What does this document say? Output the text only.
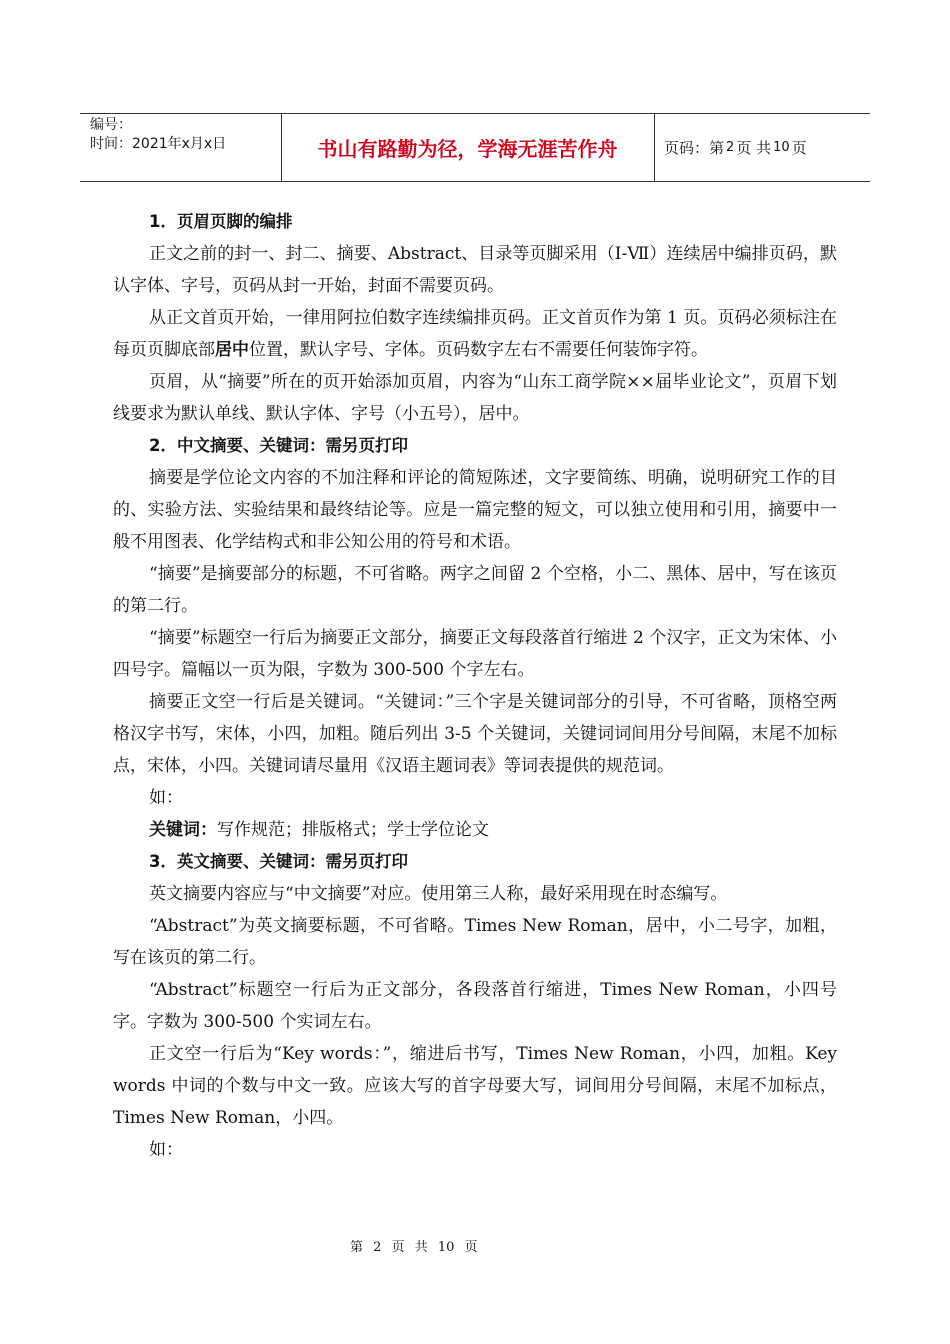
编号：
时间：2021年x月x日	书山有路勤为径，学海无涯苦作舟	页码：第 2 页 共 10 页

1．页眉页脚的编排

正文之前的封一、封二、摘要、Abstract、目录等页脚采用（Ⅰ-Ⅶ）连续居中编排页码，默认字体、字号，页码从封一开始，封面不需要页码。

从正文首页开始，一律用阿拉伯数字连续编排页码。正文首页作为第 1 页。页码必须标注在每页页脚底部居中位置，默认字号、字体。页码数字左右不需要任何装饰字符。

页眉，从“摘要”所在的页开始添加页眉，内容为“山东工商学院××届毕业论文”，页眉下划线要求为默认单线、默认字体、字号（小五号），居中。

2．中文摘要、关键词：需另页打印

摘要是学位论文内容的不加注释和评论的简短陈述，文字要简练、明确，说明研究工作的目的、实验方法、实验结果和最终结论等。应是一篇完整的短文，可以独立使用和引用，摘要中一般不用图表、化学结构式和非公知公用的符号和术语。

“摘要”是摘要部分的标题，不可省略。两字之间留 2 个空格，小二、黑体、居中，写在该页的第二行。

“摘要”标题空一行后为摘要正文部分，摘要正文每段落首行缩进 2 个汉字，正文为宋体、小四号字。篇幅以一页为限，字数为 300-500 个字左右。

摘要正文空一行后是关键词。“关键词：”三个字是关键词部分的引导，不可省略，顶格空两格汉字书写，宋体，小四，加粗。随后列出 3-5 个关键词，关键词词间用分号间隔，末尾不加标点，宋体，小四。关键词请尽量用《汉语主题词表》等词表提供的规范词。

如：

关键词：写作规范；排版格式；学士学位论文

3．英文摘要、关键词：需另页打印

英文摘要内容应与“中文摘要”对应。使用第三人称，最好采用现在时态编写。

“Abstract”为英文摘要标题，不可省略。Times New Roman，居中，小二号字，加粗，写在该页的第二行。

“Abstract”标题空一行后为正文部分，各段落首行缩进，Times New Roman，小四号字。字数为 300-500 个实词左右。

正文空一行后为“Key words：”，缩进后书写，Times New Roman，小四，加粗。Key words 中词的个数与中文一致。应该大写的首字母要大写，词间用分号间隔，末尾不加标点，Times New Roman，小四。

如：

第 2 页 共 10 页
